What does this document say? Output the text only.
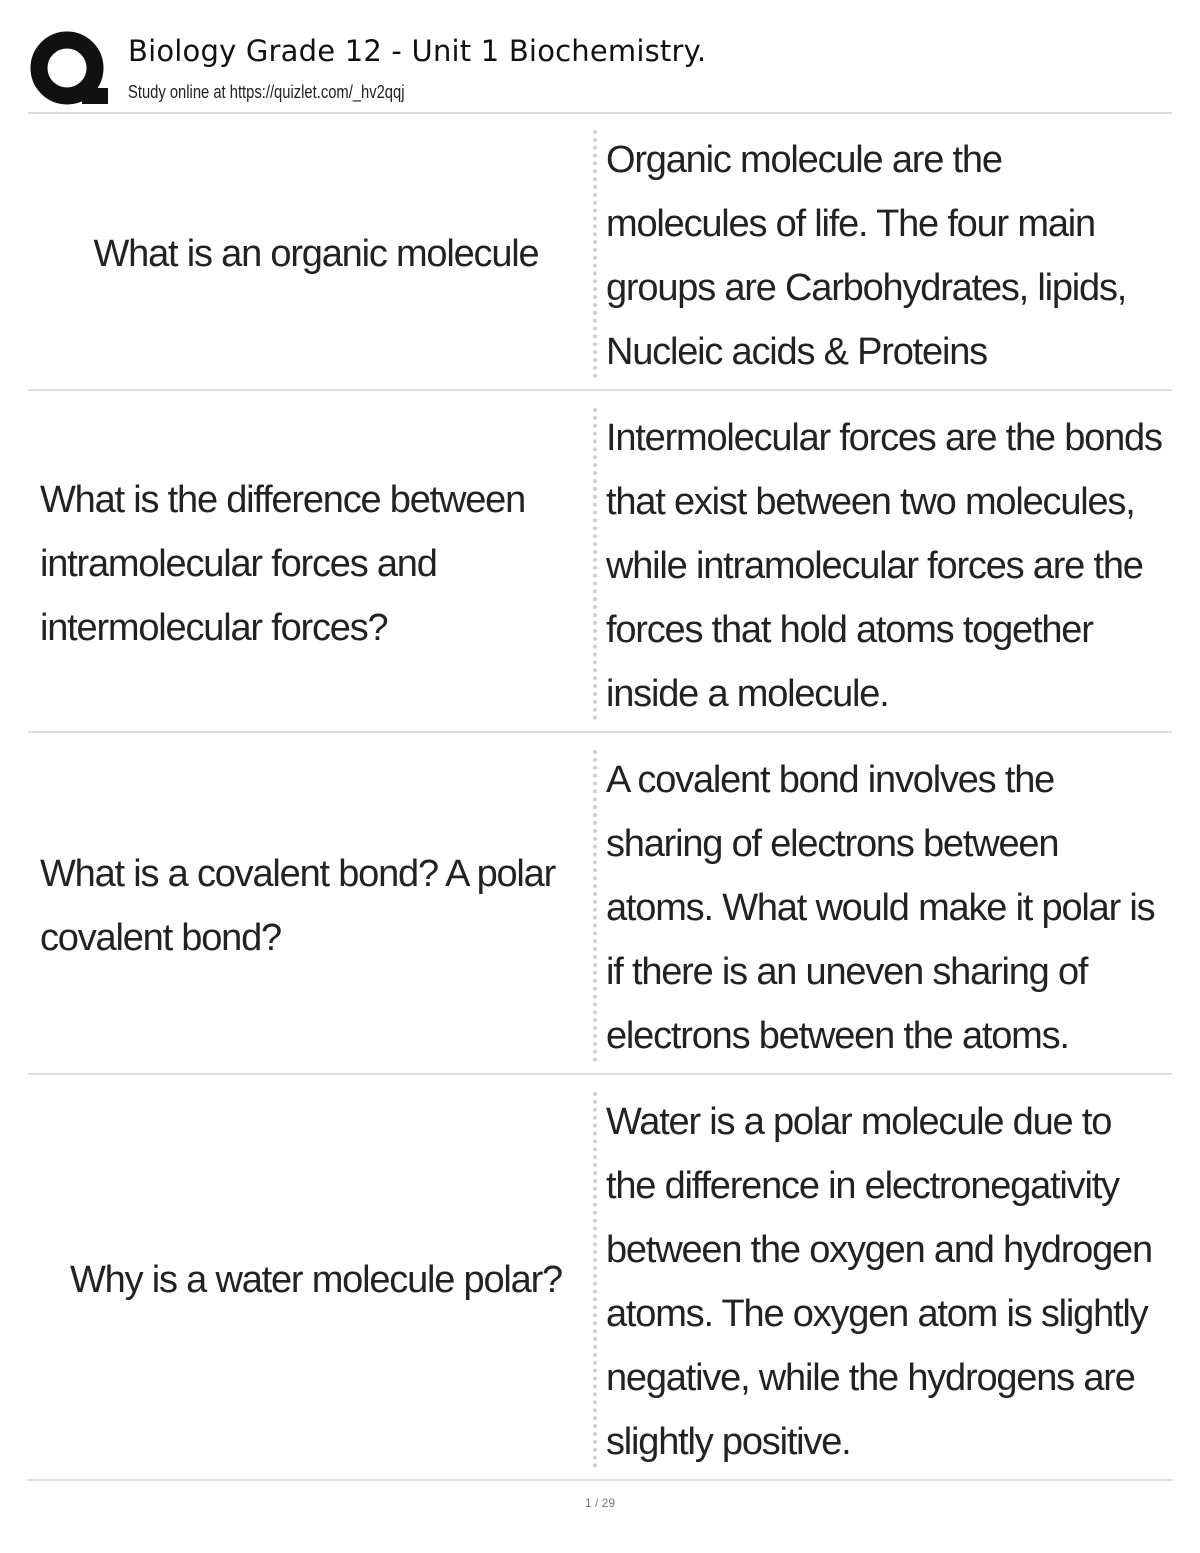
Biology Grade 12 - Unit 1 Biochemistry.
Study online at https://quizlet.com/_hv2qqj
What is an organic molecule
Organic molecule are the molecules of life. The four main groups are Carbohydrates, lipids, Nucleic acids & Proteins
What is the difference between intramolecular forces and intermolecular forces?
Intermolecular forces are the bonds that exist between two molecules, while intramolecular forces are the forces that hold atoms together inside a molecule.
What is a covalent bond? A polar covalent bond?
A covalent bond involves the sharing of electrons between atoms. What would make it polar is if there is an uneven sharing of electrons between the atoms.
Why is a water molecule polar?
Water is a polar molecule due to the difference in electronegativity between the oxygen and hydrogen atoms. The oxygen atom is slightly negative, while the hydrogens are slightly positive.
1 / 29
